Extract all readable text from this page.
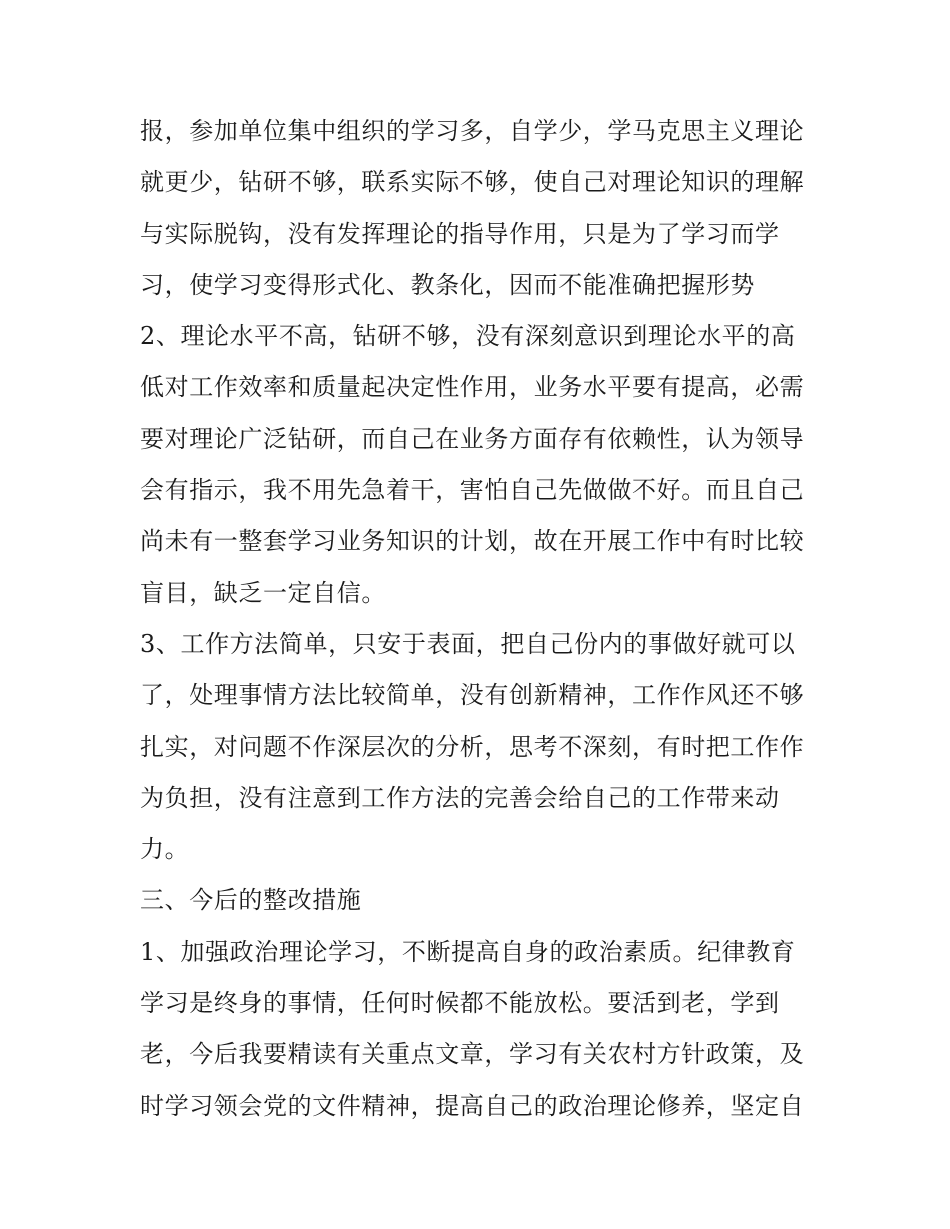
报，参加单位集中组织的学习多，自学少，学马克思主义理论
就更少，钻研不够，联系实际不够，使自己对理论知识的理解
与实际脱钩，没有发挥理论的指导作用，只是为了学习而学
习，使学习变得形式化、教条化，因而不能准确把握形势
2、理论水平不高，钻研不够，没有深刻意识到理论水平的高
低对工作效率和质量起决定性作用，业务水平要有提高，必需
要对理论广泛钻研，而自己在业务方面存有依赖性，认为领导
会有指示，我不用先急着干，害怕自己先做做不好。而且自己
尚未有一整套学习业务知识的计划，故在开展工作中有时比较
盲目，缺乏一定自信。
3、工作方法简单，只安于表面，把自己份内的事做好就可以
了，处理事情方法比较简单，没有创新精神，工作作风还不够
扎实，对问题不作深层次的分析，思考不深刻，有时把工作作
为负担，没有注意到工作方法的完善会给自己的工作带来动
力。
三、今后的整改措施
1、加强政治理论学习，不断提高自身的政治素质。纪律教育
学习是终身的事情，任何时候都不能放松。要活到老，学到
老，今后我要精读有关重点文章，学习有关农村方针政策，及
时学习领会党的文件精神，提高自己的政治理论修养，坚定自
